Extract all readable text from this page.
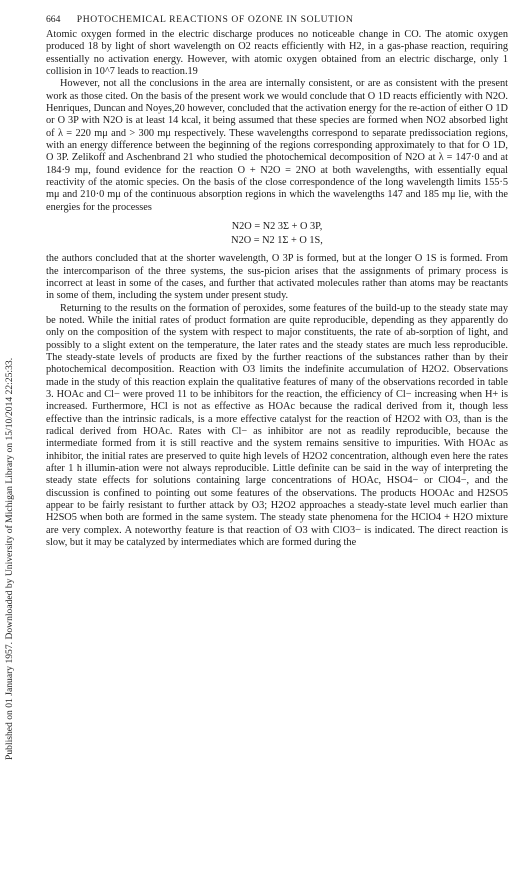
Published on 01 January 1957. Downloaded by University of Michigan Library on 15/10/2014 22:25:33.
664 PHOTOCHEMICAL REACTIONS OF OZONE IN SOLUTION

Atomic oxygen formed in the electric discharge produces no noticeable change in CO. The atomic oxygen produced 18 by light of short wavelength on O2 reacts efficiently with H2, in a gas-phase reaction, requiring essentially no activation energy. However, with atomic oxygen obtained from an electric discharge, only 1 collision in 10^7 leads to reaction.19

However, not all the conclusions in the area are internally consistent, or are as consistent with the present work as those cited. On the basis of the present work we would conclude that O 1D reacts efficiently with N2O. Henriques, Duncan and Noyes,20 however, concluded that the activation energy for the re-action of either O 1D or O 3P with N2O is at least 14 kcal, it being assumed that these species are formed when NO2 absorbed light of λ = 220 mμ and > 300 mμ respectively. These wavelengths correspond to separate predissociation regions, with an energy difference between the beginning of the regions corresponding approximately to that for O 1D, O 3P. Zelikoff and Aschenbrand 21 who studied the photochemical decomposition of N2O at λ = 147·0 and at 184·9 mμ, found evidence for the reaction O + N2O = 2NO at both wavelengths, with essentially equal reactivity of the atomic species. On the basis of the close correspondence of the long wavelength limits 155·5 mμ and 210·0 mμ of the continuous absorption regions in which the wavelengths 147 and 185 mμ lie, with the energies for the processes

N2O = N2 3Σ + O 3P,
N2O = N2 1Σ + O 1S,

the authors concluded that at the shorter wavelength, O 3P is formed, but at the longer O 1S is formed. From the intercomparison of the three systems, the sus-picion arises that the assignments of primary process is incorrect at least in some of the cases, and further that activated molecules rather than atoms may be reactants in some of them, including the system under present study.

Returning to the results on the formation of peroxides, some features of the build-up to the steady state may be noted. While the initial rates of product formation are quite reproducible, depending as they apparently do only on the composition of the system with respect to major constituents, the rate of ab-sorption of light, and possibly to a slight extent on the temperature, the later rates and the steady states are much less reproducible. The steady-state levels of products are fixed by the further reactions of the substances rather than by their photochemical decomposition. Reaction with O3 limits the indefinite accumulation of H2O2. Observations made in the study of this reaction explain the qualitative features of many of the observations recorded in table 3. HOAc and Cl− were proved 11 to be inhibitors for the reaction, the efficiency of Cl− increasing when H+ is increased. Furthermore, HCl is not as effective as HOAc because the radical derived from it, though less effective than the intrinsic radicals, is a more effective catalyst for the reaction of H2O2 with O3, than is the radical derived from HOAc. Rates with Cl− as inhibitor are not as readily reproducible, because the intermediate formed from it is still reactive and the system remains sensitive to impurities. With HOAc as inhibitor, the initial rates are preserved to quite high levels of H2O2 concentration, although even here the rates after 1 h illumin-ation were not always reproducible. Little definite can be said in the way of interpreting the steady state effects for solutions containing large concentrations of HOAc, HSO4− or ClO4−, and the discussion is confined to pointing out some features of the observations. The products HOOAc and H2SO5 appear to be fairly resistant to further attack by O3; H2O2 approaches a steady-state level much earlier than H2SO5 when both are formed in the same system. The steady state phenomena for the HClO4 + H2O mixture are very complex. A noteworthy feature is that reaction of O3 with ClO3− is indicated. The direct reaction is slow, but it may be catalyzed by intermediates which are formed during the
